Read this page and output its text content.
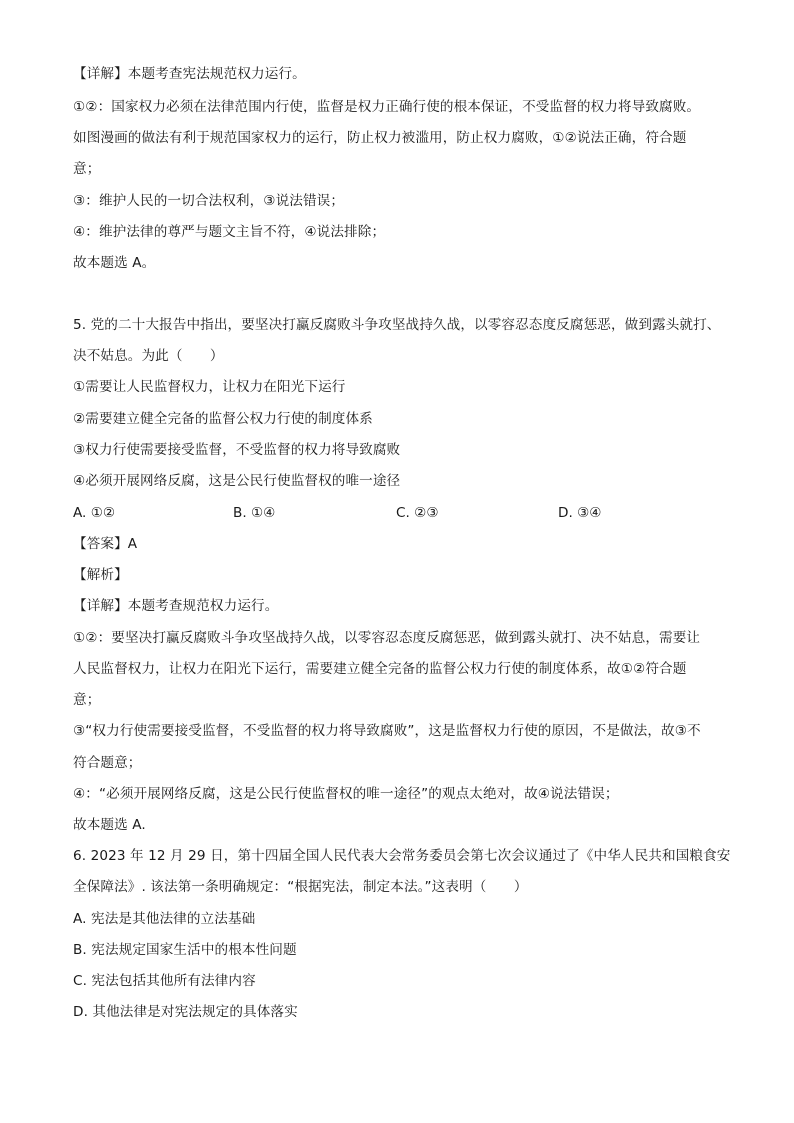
【详解】本题考查宪法规范权力运行。
①②：国家权力必须在法律范围内行使，监督是权力正确行使的根本保证，不受监督的权力将导致腐败。
如图漫画的做法有利于规范国家权力的运行，防止权力被滥用，防止权力腐败，①②说法正确，符合题
意；
③：维护人民的一切合法权利，③说法错误；
④：维护法律的尊严与题文主旨不符，④说法排除；
故本题选 A。
5. 党的二十大报告中指出，要坚决打赢反腐败斗争攻坚战持久战，以零容忍态度反腐惩恶，做到露头就打、
决不姑息。为此（　　）
①需要让人民监督权力，让权力在阳光下运行
②需要建立健全完备的监督公权力行使的制度体系
③权力行使需要接受监督，不受监督的权力将导致腐败
④必须开展网络反腐，这是公民行使监督权的唯一途径
A. ①②	B. ①④	C. ②③	D. ③④
【答案】A
【解析】
【详解】本题考查规范权力运行。
①②：要坚决打赢反腐败斗争攻坚战持久战，以零容忍态度反腐惩恶，做到露头就打、决不姑息，需要让
人民监督权力，让权力在阳光下运行，需要建立健全完备的监督公权力行使的制度体系，故①②符合题
意；
③“权力行使需要接受监督，不受监督的权力将导致腐败”，这是监督权力行使的原因，不是做法，故③不
符合题意；
④：“必须开展网络反腐，这是公民行使监督权的唯一途径”的观点太绝对，故④说法错误；
故本题选 A.
6. 2023 年 12 月 29 日，第十四届全国人民代表大会常务委员会第七次会议通过了《中华人民共和国粮食安
全保障法》. 该法第一条明确规定：“根据宪法，制定本法。”这表明（　　）
A. 宪法是其他法律的立法基础
B. 宪法规定国家生活中的根本性问题
C. 宪法包括其他所有法律内容
D. 其他法律是对宪法规定的具体落实
